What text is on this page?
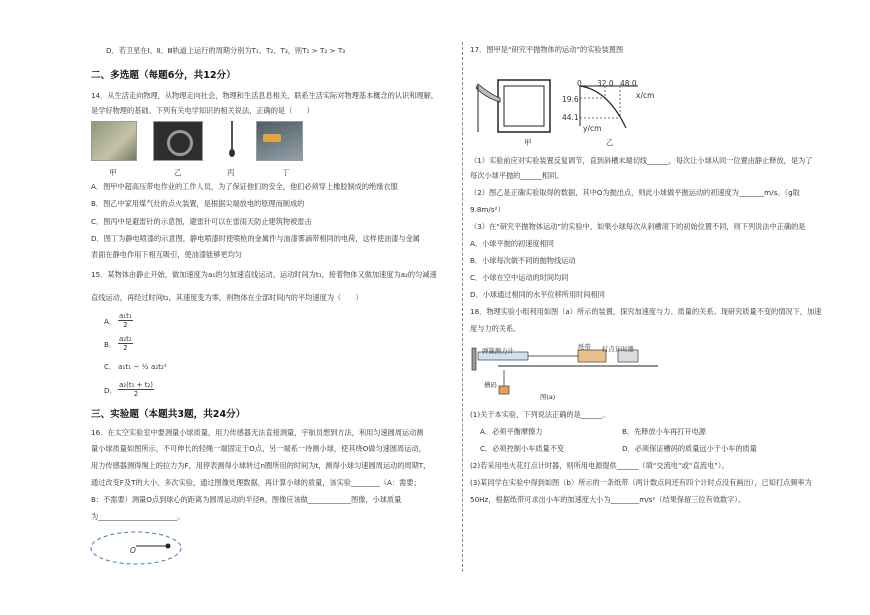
D．若卫星在Ⅰ、Ⅱ、Ⅲ轨道上运行的周期分别为T₁、T₂、T₃，则T₁ > T₂ > T₃
二、多选题（每题6分，共12分）
14．从生活走向物理，从物理走向社会，物理和生活息息相关，联系生活实际对物理基本概念的认识和理解，
是学好物理的基础。下列有关电学知识的相关说法，正确的是（　　）
甲	乙	丙	丁
A．图甲中超高压带电作业的工作人员，为了保证他们的安全，他们必须穿上橡胶制成的绝缘衣服
B．图乙中家用煤气灶的点火装置，是根据尖端放电的原理而制成的
C．图丙中是避雷针的示意图，避雷针可以在雷雨天防止建筑物被雷击
D．图丁为静电喷漆的示意图，静电喷漆时使喷枪的金属件与油漆雾滴带相同的电荷，这样使油漆与金属
表面在静电作用下相互吸引，使油漆能够更均匀
15．某物体由静止开始，做加速度为a₁的匀加速直线运动，运动时间为t₁，接着物体又做加速度为a₂的匀减速
直线运动，再经过时间t₂，其速度变为零，则物体在全部时间内的平均速度为（　　）
A． $\frac{\text{a₁t₁}}{2}$
B． $\frac{\text{a₂t₂}}{2}$
C． a₁t₁ − ½ a₂t₂²
D． $\frac{\text{a₂(t₁ + t₂)}}{2}$
三、实验题（本题共3题，共24分）
16．在太空实验室中要测量小球质量，用力传感器无法直接测量，宇航员想到方法，利用匀速圆周运动测
量小球质量如图所示，不可伸长的轻绳一端固定于O点，另一端系一待测小球，使其绕O做匀速圆周运动，
用力传感器测得绳上的拉力为F，用停表测得小球转过n圈所用的时间为t，测得小球匀速圆周运动的周期T，
通过改变F及T的大小，多次实验，通过图像处理数据，再计算小球的质量，该实验________（A：需要；
B：不需要）测量O点到球心的距离为圆周运动的半径R，图像应该做____________图像，小球质量
为______________________。
O
17．图甲是“研究平抛物体的运动”的实验装置图
甲
0 32.0 48.0
x/cm
19.6
44.1
y/cm
乙
（1）实验前应对实验装置反复调节，直到斜槽末端切线______，每次让小球从同一位置由静止释放，是为了
每次小球平抛的______相同。
（2）图乙是正确实验取得的数据，其中O为抛出点，则此小球做平抛运动的初速度为_______m/s。（g取
9.8m/s²）
（3）在“研究平抛物体运动”的实验中，如果小球每次从斜槽滚下的初始位置不同，则下列说法中正确的是
A．小球平抛的初速度相同
B．小球每次做不同的抛物线运动
C．小球在空中运动的时间均同
D．小球通过相同的水平位移所用时间相同
18．物理实验小组利用如图（a）所示的装置，探究加速度与力、质量的关系。现研究质量不变的情况下，加速
度与力的关系。
弹簧测力计	纸带 打点计时器
槽码
图(a)
(1)关于本实验，下列说法正确的是______。
A．必须平衡摩擦力	B．先释放小车再打开电源
C．必须控制小车质量不变	D．必须保证槽码的质量远小于小车的质量
(2)若采用电火花打点计时器，则所用电源提供______（填“交流电”或“直流电”）。
(3)某同学在实验中得到如图（b）所示的一条纸带（两计数点间还有四个计时点没有画出），已知打点频率为
50Hz，根据纸带可求出小车的加速度大小为________m/s²（结果保留三位有效数字）。
